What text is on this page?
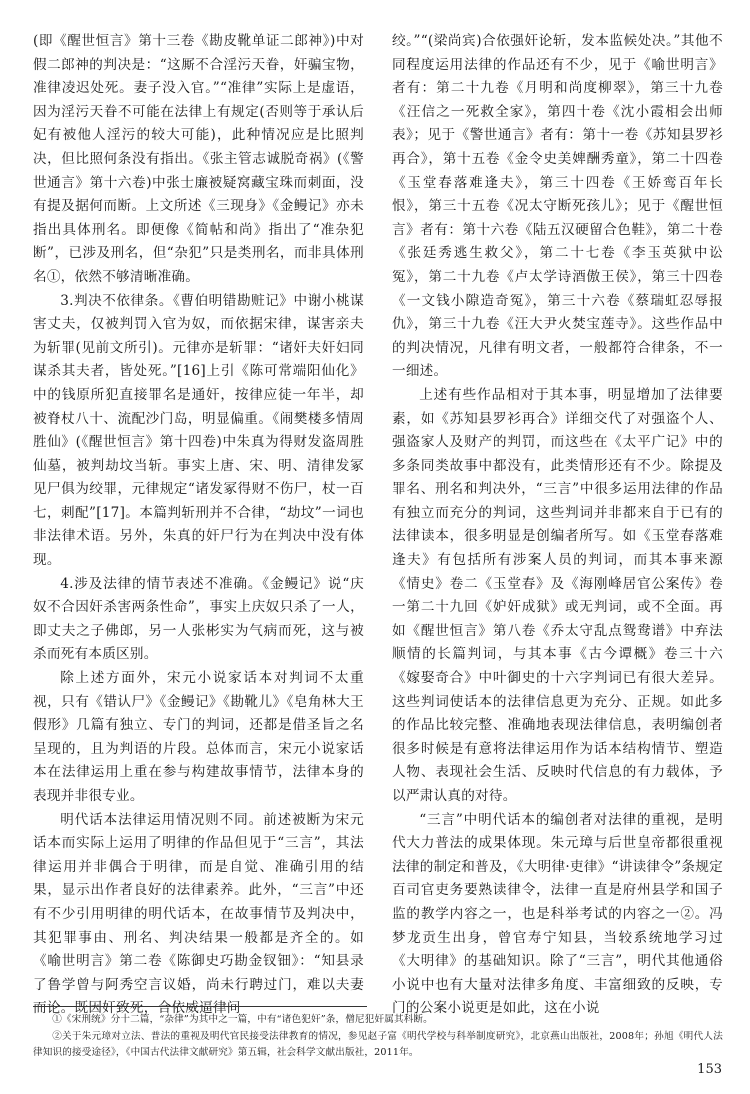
(即《醒世恒言》第十三卷《勘皮靴单证二郎神》)中对假二郎神的判决是：“这厮不合淫污天眷，奸骗宝物，准律凌迟处死。妻子没入官。”“准律”实际上是虚语，因为淫污天眷不可能在法律上有规定(否则等于承认后妃有被他人淫污的较大可能)，此种情况应是比照判决，但比照何条没有指出。《张主管志诚脱奇祸》(《警世通言》第十六卷)中张士廉被疑窝藏宝珠而刺面，没有提及据何而断。上文所述《三现身》《金鳗记》亦未指出具体刑名。即便像《简帖和尚》指出了“准杂犯断”，已涉及刑名，但“杂犯”只是类刑名，而非具体刑名①，依然不够清晰准确。

3.判决不依律条。《曹伯明错勘赃记》中谢小桃谋害丈夫，仅被判罚入官为奴，而依据宋律，谋害亲夫为斩罪(见前文所引)。元律亦是斩罪：“诸奸夫奸妇同谋杀其夫者，皆处死。”[16]上引《陈可常端阳仙化》中的钱原所犯直接罪名是通奸，按律应徒一年半，却被脊杖八十、流配沙门岛，明显偏重。《闹樊楼多情周胜仙》(《醒世恒言》第十四卷)中朱真为得财发盗周胜仙墓，被判劫坟当斩。事实上唐、宋、明、清律发冢见尸俱为绞罪，元律规定“诸发冢得财不伤尸，杖一百七，刺配”[17]。本篇判斩刑并不合律，“劫坟”一词也非法律术语。另外，朱真的奸尸行为在判决中没有体现。

4.涉及法律的情节表述不准确。《金鳗记》说“庆奴不合因奸杀害两条性命”，事实上庆奴只杀了一人，即丈夫之子佛郎，另一人张彬实为气病而死，这与被杀而死有本质区别。

除上述方面外，宋元小说家话本对判词不太重视，只有《错认尸》《金鳗记》《勘靴儿》《皂角林大王假形》几篇有独立、专门的判词，还都是借圣旨之名呈现的，且为判语的片段。总体而言，宋元小说家话本在法律运用上重在参与构建故事情节，法律本身的表现并非很专业。

明代话本法律运用情况则不同。前述被断为宋元话本而实际上运用了明律的作品但见于“三言”，其法律运用并非偶合于明律，而是自觉、准确引用的结果，显示出作者良好的法律素养。此外，“三言”中还有不少引用明律的明代话本，在故事情节及判决中，其犯罪事由、刑名、判决结果一般都是齐全的。如《喻世明言》第二卷《陈御史巧勘金钗钿》：“知县录了鲁学曾与阿秀空言议婚，尚未行聘过门，难以夫妻而论。既因奸致死，合依威逼律问

绞。”“(梁尚宾)合依强奸论斩，发本监候处决。”其他不同程度运用法律的作品还有不少，见于《喻世明言》者有：第二十九卷《月明和尚度柳翠》，第三十九卷《汪信之一死救全家》，第四十卷《沈小霞相会出师表》；见于《警世通言》者有：第十一卷《苏知县罗衫再合》，第十五卷《金令史美婢酬秀童》，第二十四卷《玉堂春落难逢夫》，第三十四卷《王娇鸾百年长恨》，第三十五卷《况太守断死孩儿》；见于《醒世恒言》者有：第十六卷《陆五汉硬留合色鞋》，第二十卷《张廷秀逃生救父》，第二十七卷《李玉英狱中讼冤》，第二十九卷《卢太学诗酒傲王侯》，第三十四卷《一文钱小隙造奇冤》，第三十六卷《蔡瑞虹忍辱报仇》，第三十九卷《汪大尹火焚宝莲寺》。这些作品中的判决情况，凡律有明文者，一般都符合律条，不一一细述。

上述有些作品相对于其本事，明显增加了法律要素，如《苏知县罗衫再合》详细交代了对强盗个人、强盗家人及财产的判罚，而这些在《太平广记》中的多条同类故事中都没有，此类情形还有不少。除提及罪名、刑名和判决外，“三言”中很多运用法律的作品有独立而充分的判词，这些判词并非都来自于已有的法律读本，很多明显是创编者所写。如《玉堂春落难逢夫》有包括所有涉案人员的判词，而其本事来源《情史》卷二《玉堂春》及《海刚峰居官公案传》卷一第二十九回《妒奸成狱》或无判词，或不全面。再如《醒世恒言》第八卷《乔太守乱点鸳鸯谱》中弃法顺情的长篇判词，与其本事《古今谭概》卷三十六《嫁娶奇合》中叶御史的十六字判词已有很大差异。这些判词使话本的法律信息更为充分、正规。如此多的作品比较完整、准确地表现法律信息，表明编创者很多时候是有意将法律运用作为话本结构情节、塑造人物、表现社会生活、反映时代信息的有力载体，予以严肃认真的对待。

“三言”中明代话本的编创者对法律的重视，是明代大力普法的成果体现。朱元璋与后世皇帝都很重视法律的制定和普及，《大明律·吏律》“讲读律令”条规定百司官吏务要熟读律令，法律一直是府州县学和国子监的教学内容之一，也是科举考试的内容之一②。冯梦龙贡生出身，曾官寿宁知县，当较系统地学习过《大明律》的基础知识。除了“三言”，明代其他通俗小说中也有大量对法律多角度、丰富细致的反映，专门的公案小说更是如此，这在小说

①《宋刑统》分十二篇，“杂律”为其中之一篇，中有“诸色犯奸”条，僧尼犯奸属其科断。

②关于朱元璋对立法、普法的重视及明代官民接受法律教育的情况，参见赵子富《明代学校与科举制度研究》，北京燕山出版社，2008年；孙旭《明代人法律知识的接受途径》，《中国古代法律文献研究》第五辑，社会科学文献出版社，2011年。

153
